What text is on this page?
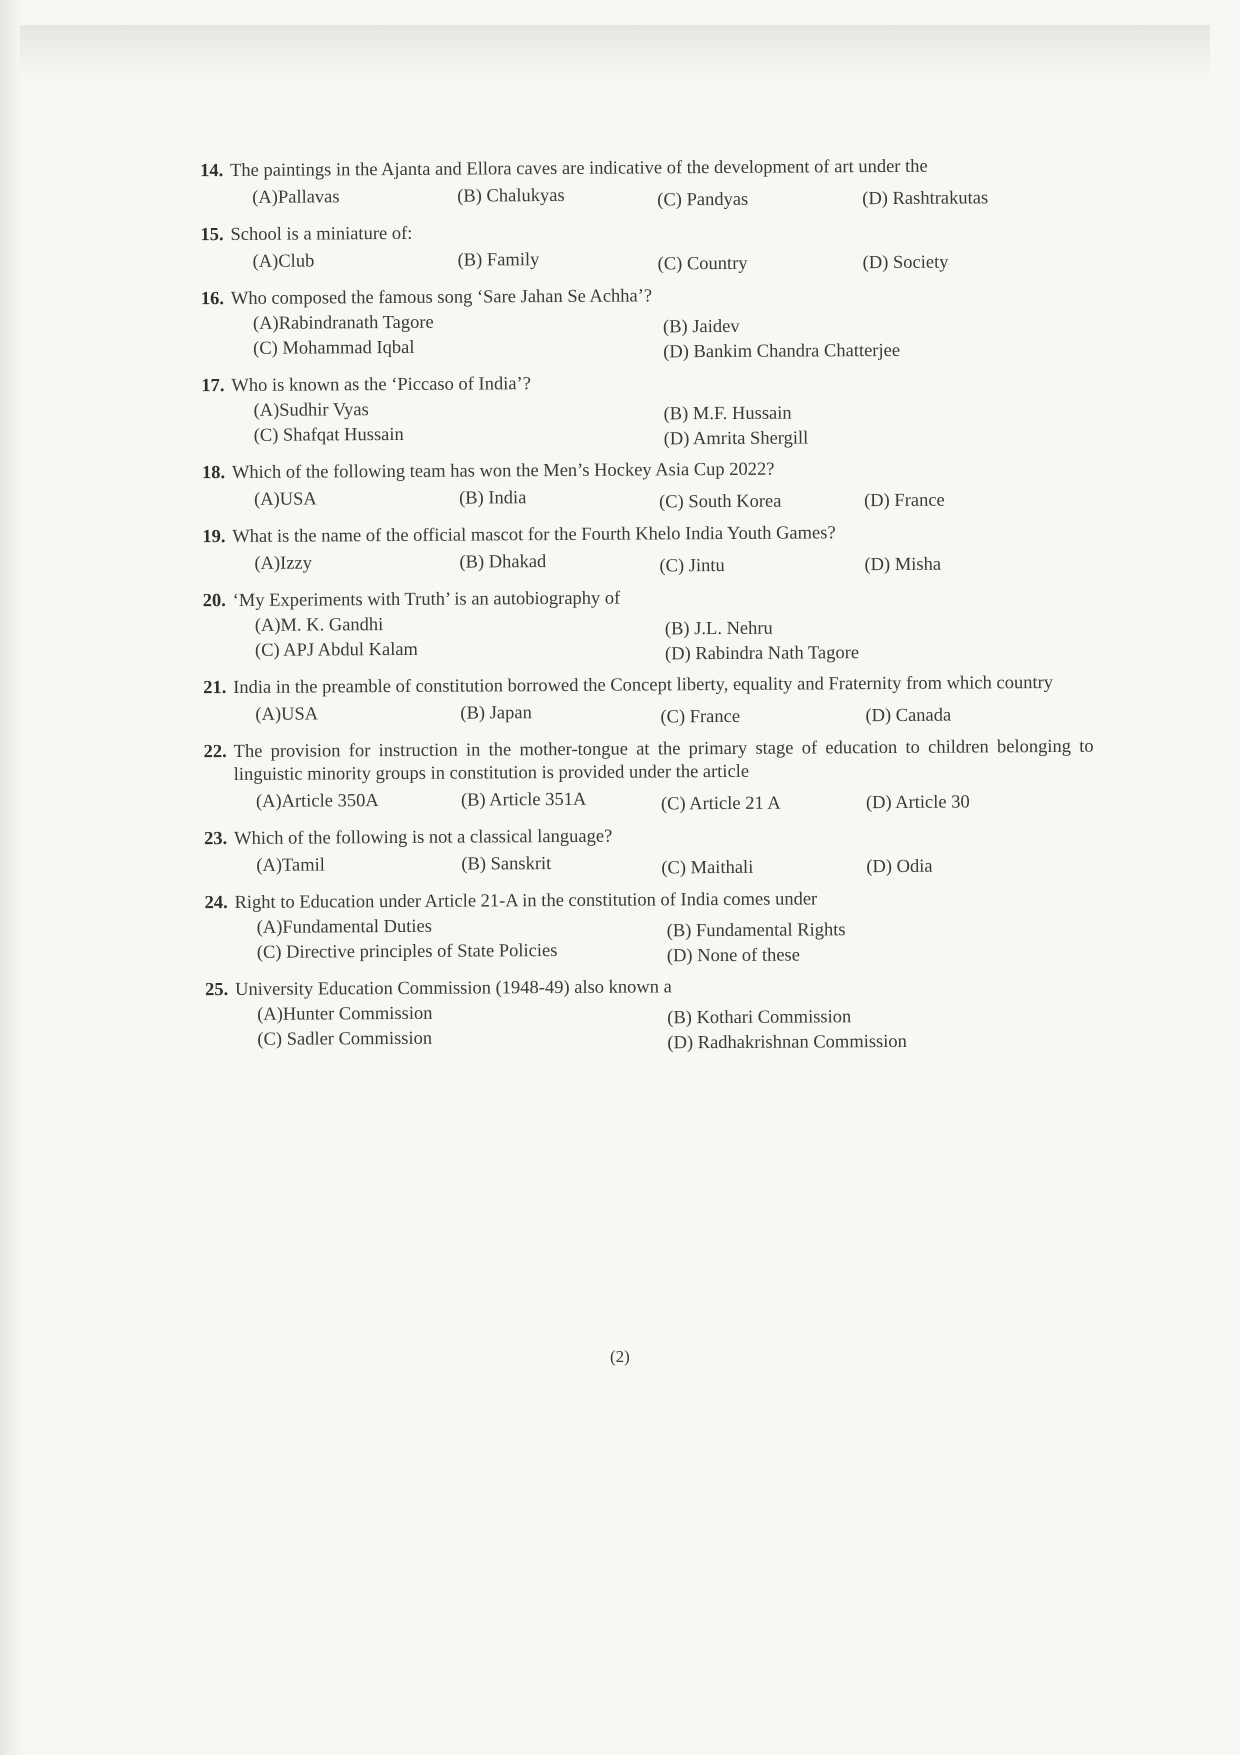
14. The paintings in the Ajanta and Ellora caves are indicative of the development of art under the
(A)Pallavas	(B) Chalukyas	(C) Pandyas	(D) Rashtrakutas
15. School is a miniature of:
(A)Club	(B) Family	(C) Country	(D) Society
16. Who composed the famous song ‘Sare Jahan Se Achha’?
(A)Rabindranath Tagore	(B) Jaidev
(C) Mohammad Iqbal	(D) Bankim Chandra Chatterjee
17. Who is known as the ‘Piccaso of India’?
(A)Sudhir Vyas	(B) M.F. Hussain
(C) Shafqat Hussain	(D) Amrita Shergill
18. Which of the following team has won the Men’s Hockey Asia Cup 2022?
(A)USA	(B) India	(C) South Korea	(D) France
19. What is the name of the official mascot for the Fourth Khelo India Youth Games?
(A)Izzy	(B) Dhakad	(C) Jintu	(D) Misha
20. ‘My Experiments with Truth’ is an autobiography of
(A)M. K. Gandhi	(B) J.L. Nehru
(C) APJ Abdul Kalam	(D) Rabindra Nath Tagore
21. India in the preamble of constitution borrowed the Concept liberty, equality and Fraternity from which country
(A)USA	(B) Japan	(C) France	(D) Canada
22. The provision for instruction in the mother-tongue at the primary stage of education to children belonging to linguistic minority groups in constitution is provided under the article
(A)Article 350A	(B) Article 351A	(C) Article 21 A	(D) Article 30
23. Which of the following is not a classical language?
(A)Tamil	(B) Sanskrit	(C) Maithali	(D) Odia
24. Right to Education under Article 21-A in the constitution of India comes under
(A)Fundamental Duties	(B) Fundamental Rights
(C) Directive principles of State Policies	(D) None of these
25. University Education Commission (1948-49) also known a
(A)Hunter Commission	(B) Kothari Commission
(C) Sadler Commission	(D) Radhakrishnan Commission
(2)
